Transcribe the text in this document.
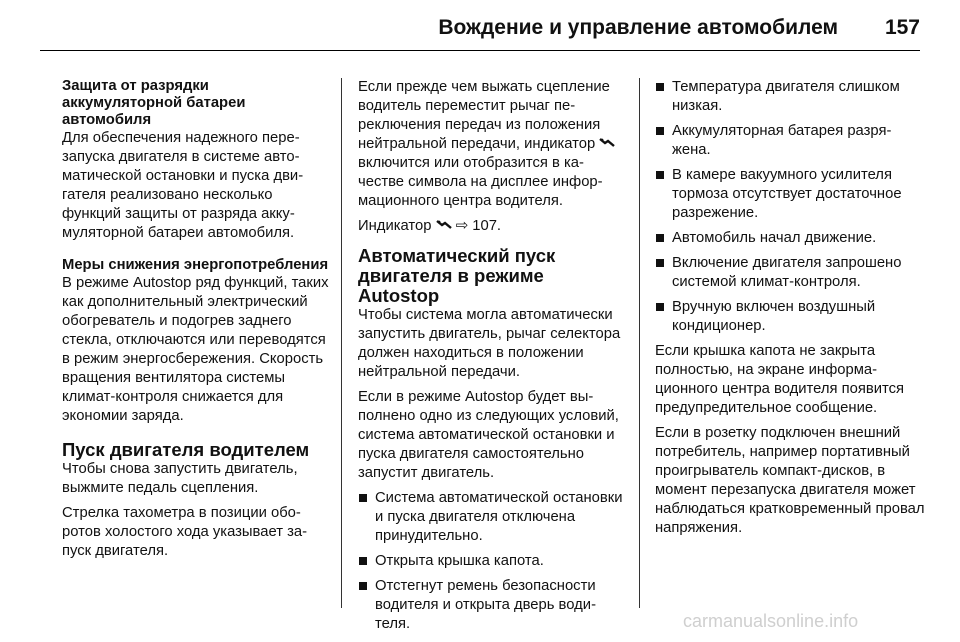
Вождение и управление автомобилем 157
Защита от разрядки аккумуляторной батареи автомобиля

Для обеспечения надежного перезапуска двигателя в системе автоматической остановки и пуска двигателя реализовано несколько функций защиты от разряда аккумуляторной батареи автомобиля.

Меры снижения энергопотребления

В режиме Autostop ряд функций, таких как дополнительный электрический обогреватель и подогрев заднего стекла, отключаются или переводятся в режим энергосбережения. Скорость вращения вентилятора системы климат-контроля снижается для экономии заряда.

Пуск двигателя водителем

Чтобы снова запустить двигатель, выжмите педаль сцепления.

Стрелка тахометра в позиции оборотов холостого хода указывает запуск двигателя.

Если прежде чем выжать сцепление водитель переместит рычаг переключения передач из положения нейтральной передачи, индикатор  включится или отобразится в качестве символа на дисплее информационного центра водителя.

Индикатор  ⇨ 107.

Автоматический пуск двигателя в режиме Autostop

Чтобы система могла автоматически запустить двигатель, рычаг селектора должен находиться в положении нейтральной передачи.

Если в режиме Autostop будет выполнено одно из следующих условий, система автоматической остановки и пуска двигателя самостоятельно запустит двигатель.

Система автоматической остановки и пуска двигателя отключена принудительно.
Открыта крышка капота.
Отстегнут ремень безопасности водителя и открыта дверь водителя.
Температура двигателя слишком низкая.
Аккумуляторная батарея разряжена.
В камере вакуумного усилителя тормоза отсутствует достаточное разрежение.
Автомобиль начал движение.
Включение двигателя запрошено системой климат-контроля.
Вручную включен воздушный кондиционер.

Если крышка капота не закрыта полностью, на экране информационного центра водителя появится предупредительное сообщение.

Если в розетку подключен внешний потребитель, например портативный проигрыватель компакт-дисков, в момент перезапуска двигателя может наблюдаться кратковременный провал напряжения.

carmanualsonline.info
